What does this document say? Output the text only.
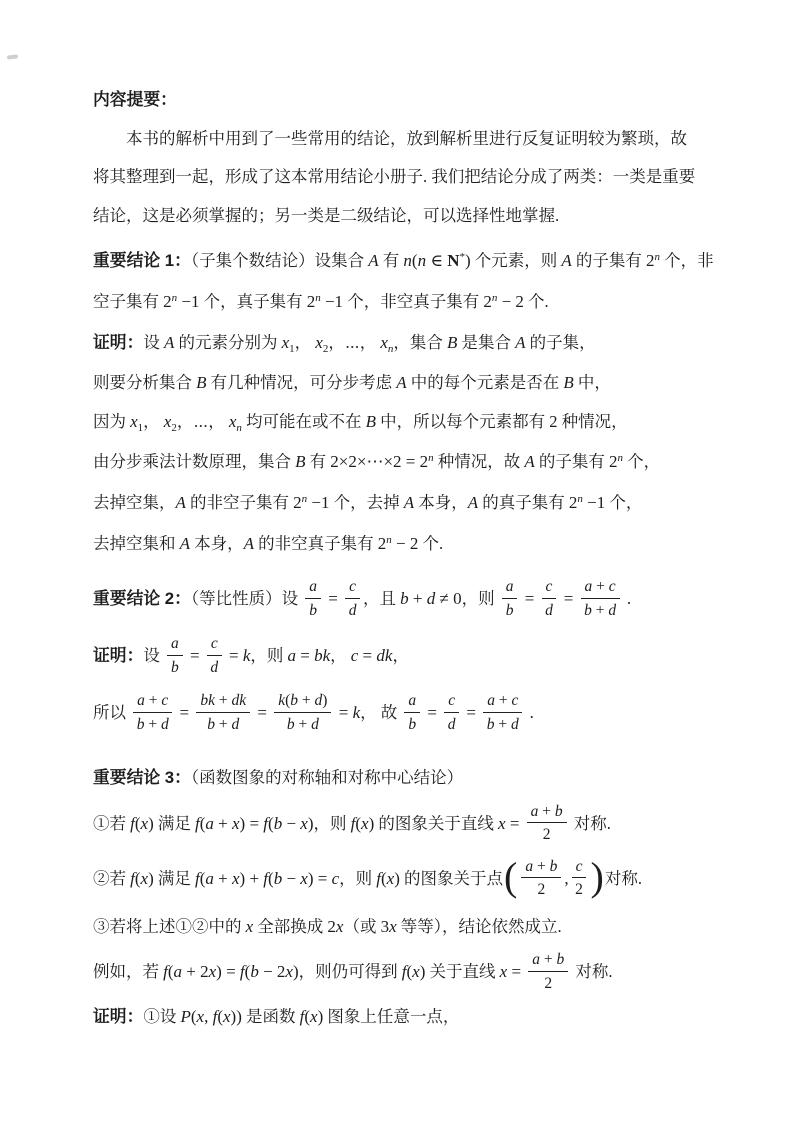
内容提要：
本书的解析中用到了一些常用的结论，放到解析里进行反复证明较为繁琐，故
将其整理到一起，形成了这本常用结论小册子. 我们把结论分成了两类：一类是重要
结论，这是必须掌握的；另一类是二级结论，可以选择性地掌握.
重要结论 1：（子集个数结论）设集合 A 有 n(n ∈ N*) 个元素，则 A 的子集有 2$^n$ 个，非
空子集有 $2^n -1$ 个，真子集有 $2^n -1$ 个，非空真子集有 $2^n - 2$ 个.
证明：设 A 的元素分别为 $x_1$， $x_2$，⋯， $x_n$，集合 B 是集合 A 的子集，
则要分析集合 B 有几种情况，可分步考虑 A 中的每个元素是否在 B 中，
因为 $x_1$， $x_2$，⋯， $x_n$ 均可能在或不在 B 中，所以每个元素都有 2 种情况，
由分步乘法计数原理，集合 B 有 2×2×⋯×2 = $2^n$ 种情况，故 A 的子集有 2$^n$ 个，
去掉空集，A 的非空子集有 $2^n -1$ 个，去掉 A 本身，A 的真子集有 $2^n -1$ 个，
去掉空集和 A 本身，A 的非空真子集有 $2^n - 2$ 个.
重要结论 2：（等比性质）设 $\frac{a}{b} = \frac{c}{d}$ ，且 b + d ≠ 0，则 $\frac{a}{b} = \frac{c}{d} = \frac{a + c}{b + d}$ .
证明：设 $\frac{a}{b} = \frac{c}{d} = k$，则 a = bk， c = dk，
所以 $\frac{a + c}{b + d} = \frac{bk + dk}{b + d} = \frac{k(b + d)}{b + d} = k$， 故 $\frac{a}{b} = \frac{c}{d} = \frac{a + c}{b + d}$ .
重要结论 3：（函数图象的对称轴和对称中心结论）
①若 f(x) 满足 f(a + x) = f(b − x)，则 f(x) 的图象关于直线 $x = \frac{a + b}{2}$ 对称.
②若 f(x) 满足 f(a + x) + f(b − x) = c，则 f(x) 的图象关于点( $\frac{a + b}{2}$ , $\frac{c}{2}$ )对称.
③若将上述①②中的 x 全部换成 2x（或 3x 等等），结论依然成立.
例如，若 f(a + 2x) = f(b − 2x)，则仍可得到 f(x) 关于直线 $x = \frac{a + b}{2}$ 对称.
证明：①设 P(x, f(x)) 是函数 f(x) 图象上任意一点，
